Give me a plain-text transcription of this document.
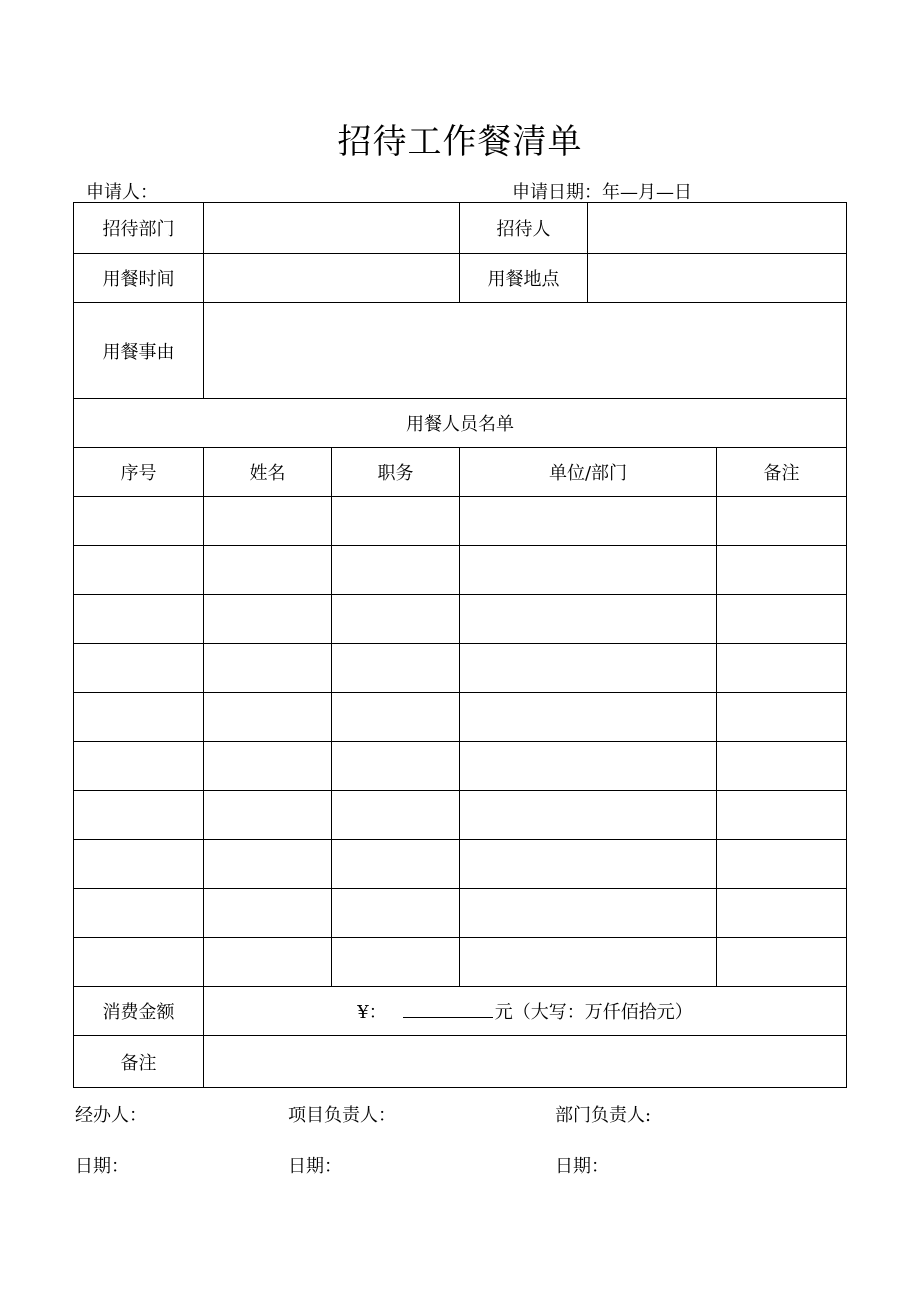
招待工作餐清单
申请人：	申请日期：年—月—日
招待部门			招待人		
用餐时间			用餐地点		
用餐事由					
用餐人员名单					
序号	姓名	职务	单位/部门		备注

消费金额	¥： 元（大写：万仟佰拾元）				
备注					
经办人：	项目负责人：	部门负责人:
日期：	日期：	日期：
